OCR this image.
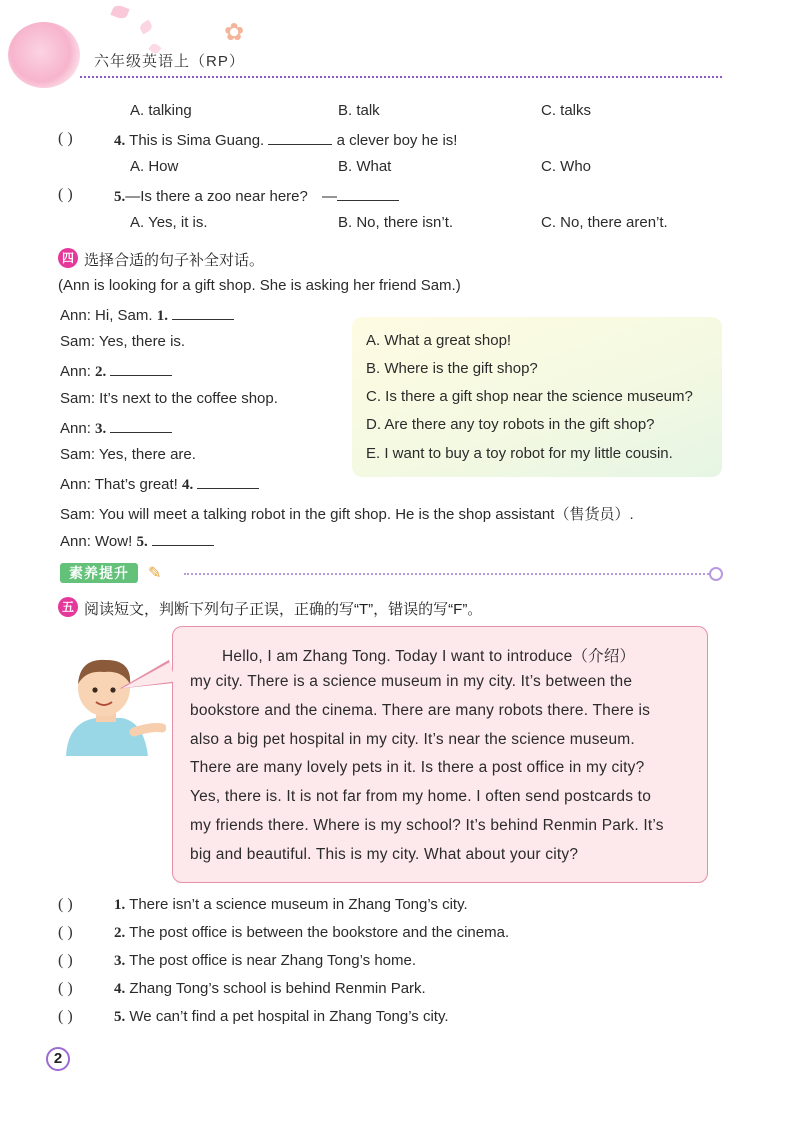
✿
六年级英语上（RP）
A. talking	B. talk	C. talks
( )	4. This is Sima Guang.	a clever boy he is!
A. How	B. What	C. Who
( )	5.—Is there a zoo near here? —
A. Yes, it is.	B. No, there isn’t.	C. No, there aren’t.
四 选择合适的句子补全对话。
(Ann is looking for a gift shop. She is asking her friend Sam.)
Ann: Hi, Sam. 1.
Sam: Yes, there is.
Ann: 2.
Sam: It’s next to the coffee shop.
Ann: 3.
Sam: Yes, there are.
Ann: That’s great! 4.
Sam: You will meet a talking robot in the gift shop. He is the shop assistant（售货员）.
Ann: Wow! 5.
A. What a great shop!
B. Where is the gift shop?
C. Is there a gift shop near the science museum?
D. Are there any toy robots in the gift shop?
E. I want to buy a toy robot for my little cousin.
素养提升	✎
五 阅读短文，判断下列句子正误，正确的写“T”，错误的写“F”。
Hello, I am Zhang Tong. Today I want to introduce（介绍）
my city. There is a science museum in my city. It’s between the
bookstore and the cinema. There are many robots there. There is
also a big pet hospital in my city. It’s near the science museum.
There are many lovely pets in it. Is there a post office in my city?
Yes, there is. It is not far from my home. I often send postcards to
my friends there. Where is my school? It’s behind Renmin Park. It’s
big and beautiful. This is my city. What about your city?
( )	1. There isn’t a science museum in Zhang Tong’s city.
( )	2. The post office is between the bookstore and the cinema.
( )	3. The post office is near Zhang Tong’s home.
( )	4. Zhang Tong’s school is behind Renmin Park.
( )	5. We can’t find a pet hospital in Zhang Tong’s city.
2
